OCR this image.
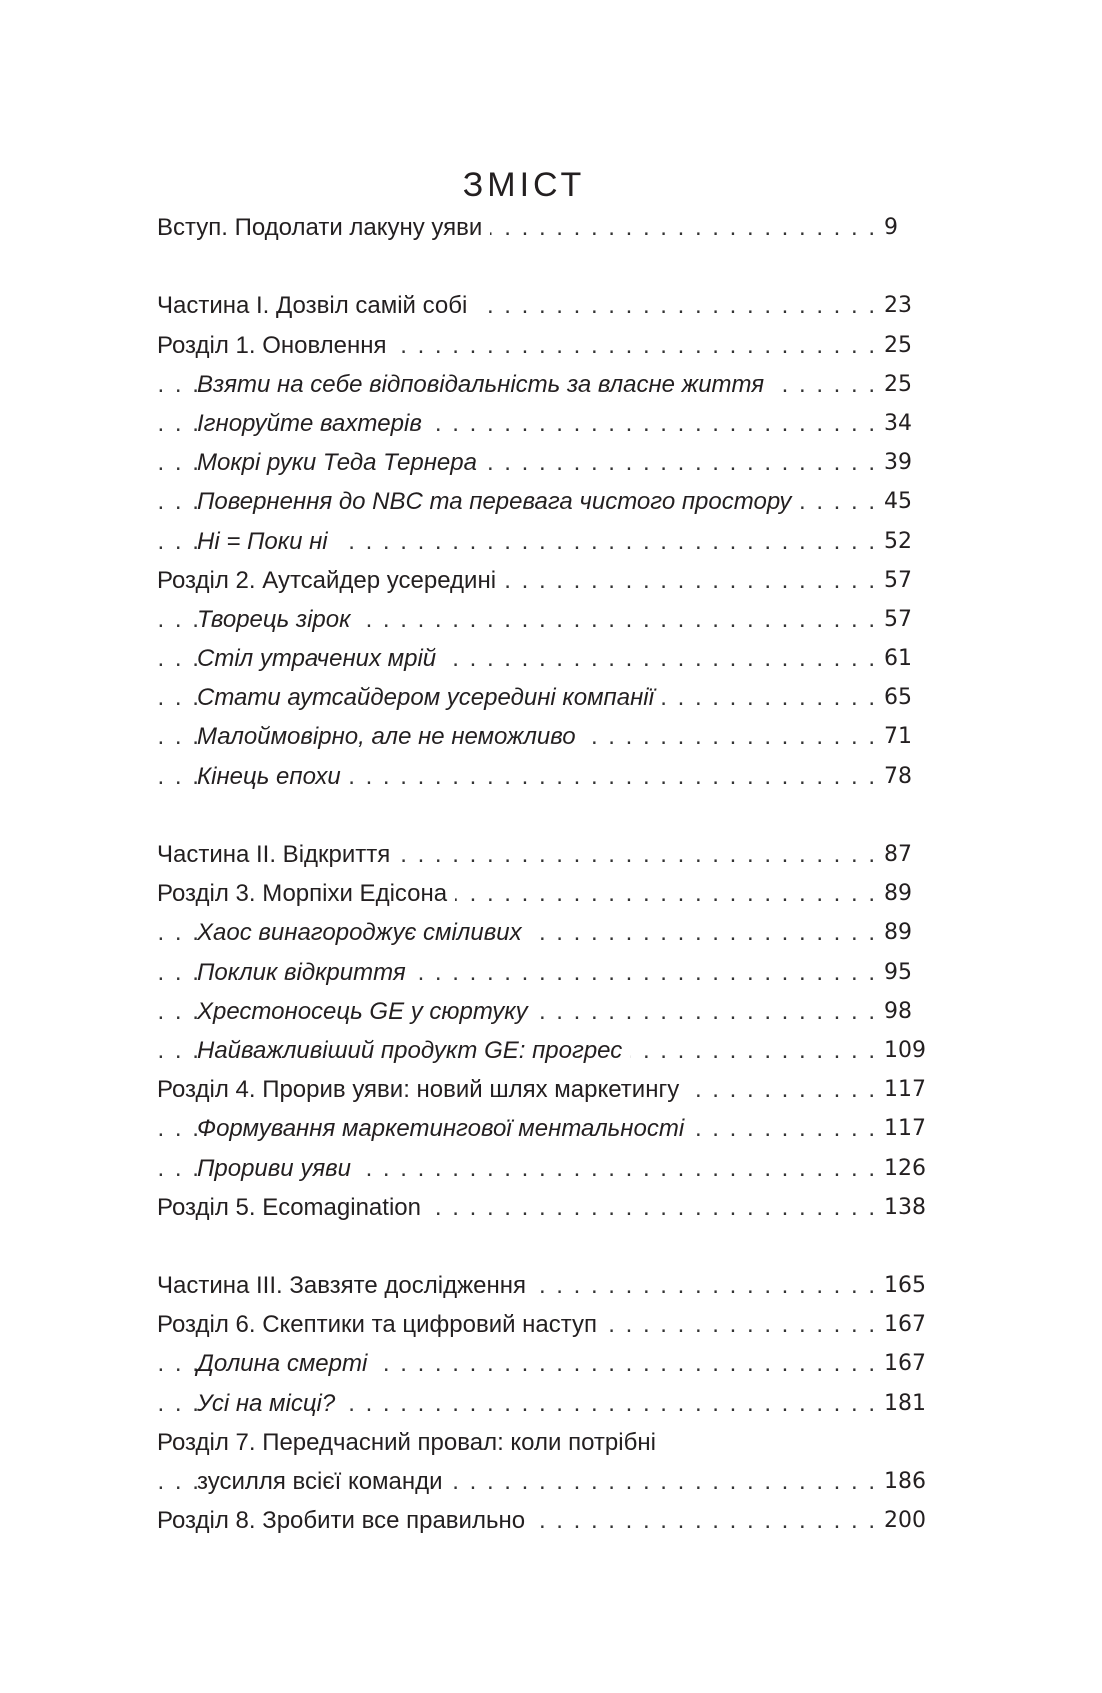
ЗМІСТ
. . .
Вступ. Подолати лакуну уяви	9
. . .
Частина I. Дозвіл самій собі	23
. . .
Розділ 1. Оновлення	25
. . .
Взяти на себе відповідальність за власне життя	25
. . .
Ігноруйте вахтерів	34
. . .
Мокрі руки Теда Тернера	39
. . .
Повернення до NBC та перевага чистого простору	45
. . .
Ні = Поки ні	52
. . .
Розділ 2. Аутсайдер усередині	57
. . .
Творець зірок	57
. . .
Стіл утрачених мрій	61
. . .
Стати аутсайдером усередині компанії	65
. . .
Малоймовірно, але не неможливо	71
. . .
Кінець епохи	78
. . .
Частина II. Відкриття	87
. . .
Розділ 3. Морпіхи Едісона	89
. . .
Хаос винагороджує сміливих	89
. . .
Поклик відкриття	95
. . .
Хрестоносець GE у сюртуку	98
. . .
Найважливіший продукт GE: прогрес	109
. . .
Розділ 4. Прорив уяви: новий шлях маркетингу	117
. . .
Формування маркетингової ментальності	117
. . .
Прориви уяви	126
. . .
Розділ 5. Ecomagination	138
. . .
Частина III. Завзяте дослідження	165
. . .
Розділ 6. Скептики та цифровий наступ	167
. . .
Долина смерті	167
. . .
Усі на місці?	181
Розділ 7. Передчасний провал: коли потрібні
. . .
зусилля всієї команди	186
. . .
Розділ 8. Зробити все правильно	200
